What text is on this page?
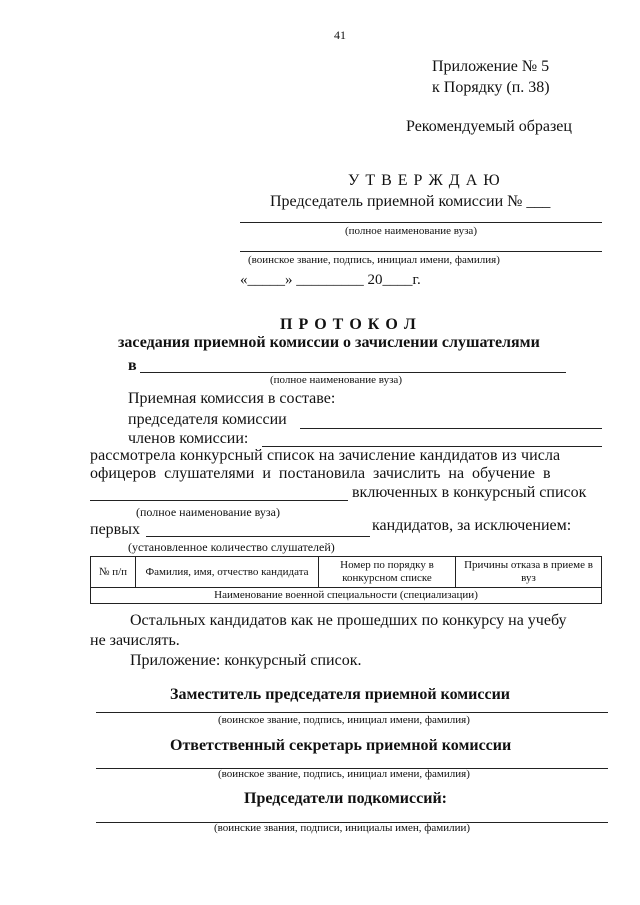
41
Приложение № 5
к Порядку (п. 38)
Рекомендуемый образец
У Т В Е Р Ж Д А Ю
Председатель приемной комиссии № ___
(полное наименование вуза)
(воинское звание, подпись, инициал имени, фамилия)
«_____» _________ 20____г.
П Р О Т О К О Л
заседания приемной комиссии о зачислении слушателями
в
(полное наименование вуза)
Приемная комиссия в составе:
председателя комиссии
членов комиссии:
рассмотрела конкурсный список на зачисление кандидатов из числа
офицеров слушателями и постановила зачислить на обучение в
включенных в конкурсный список
(полное наименование вуза)
первых	кандидатов, за исключением:
(установленное количество слушателей)
№ п/п	Фамилия, имя, отчество кандидата	Номер по порядку в конкурсном списке	Причины отказа в приеме в вуз
Наименование военной специальности (специализации)
Остальных кандидатов как не прошедших по конкурсу на учебу
не зачислять.
Приложение: конкурсный список.
Заместитель председателя приемной комиссии
(воинское звание, подпись, инициал имени, фамилия)
Ответственный секретарь приемной комиссии
(воинское звание, подпись, инициал имени, фамилия)
Председатели подкомиссий:
(воинские звания, подписи, инициалы имен, фамилии)
